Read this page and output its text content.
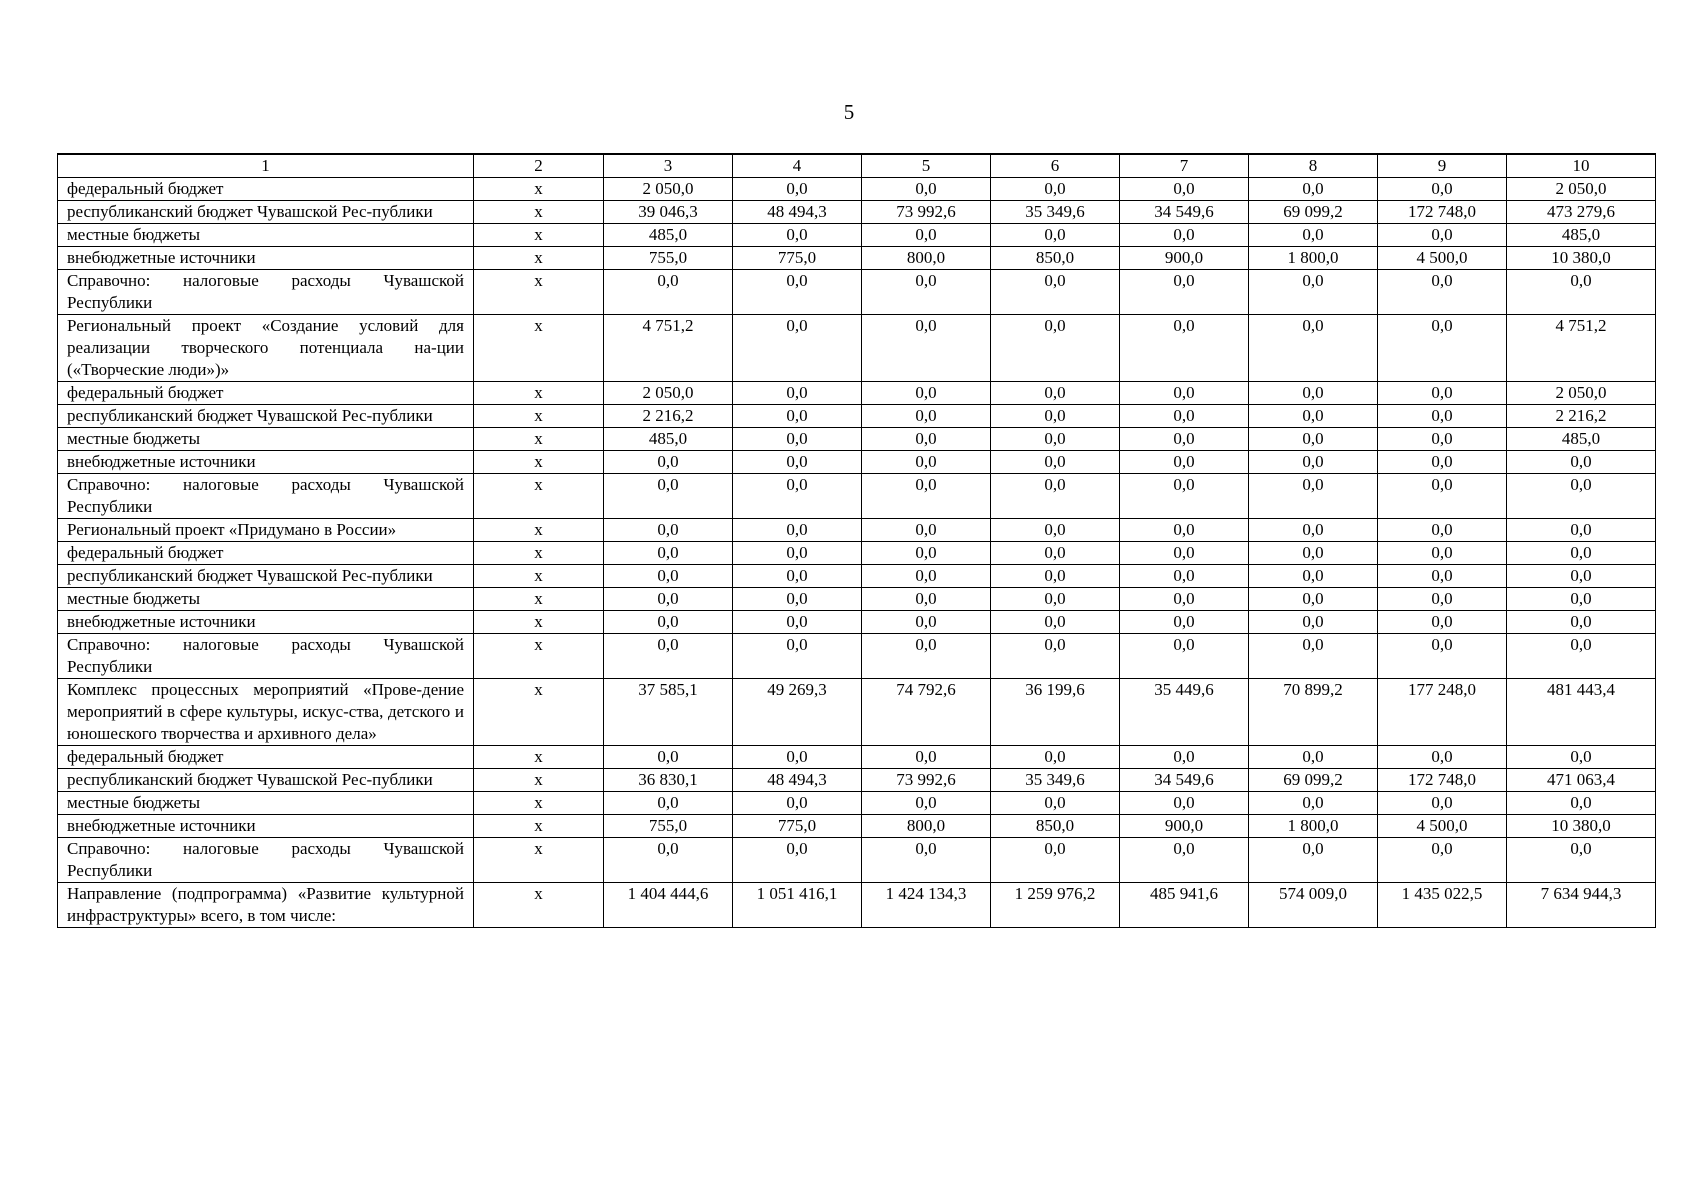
5
1	2	3	4	5	6	7	8	9	10
федеральный бюджет	х	2 050,0	0,0	0,0	0,0	0,0	0,0	0,0	2 050,0
республиканский бюджет Чувашской Рес-публики	х	39 046,3	48 494,3	73 992,6	35 349,6	34 549,6	69 099,2	172 748,0	473 279,6
местные бюджеты	х	485,0	0,0	0,0	0,0	0,0	0,0	0,0	485,0
внебюджетные источники	х	755,0	775,0	800,0	850,0	900,0	1 800,0	4 500,0	10 380,0
Справочно: налоговые расходы Чувашской Республики	х	0,0	0,0	0,0	0,0	0,0	0,0	0,0	0,0
Региональный проект «Создание условий для реализации творческого потенциала на-ции («Творческие люди»)»	х	4 751,2	0,0	0,0	0,0	0,0	0,0	0,0	4 751,2
федеральный бюджет	х	2 050,0	0,0	0,0	0,0	0,0	0,0	0,0	2 050,0
республиканский бюджет Чувашской Рес-публики	х	2 216,2	0,0	0,0	0,0	0,0	0,0	0,0	2 216,2
местные бюджеты	х	485,0	0,0	0,0	0,0	0,0	0,0	0,0	485,0
внебюджетные источники	х	0,0	0,0	0,0	0,0	0,0	0,0	0,0	0,0
Справочно: налоговые расходы Чувашской Республики	х	0,0	0,0	0,0	0,0	0,0	0,0	0,0	0,0
Региональный проект «Придумано в России»	х	0,0	0,0	0,0	0,0	0,0	0,0	0,0	0,0
федеральный бюджет	х	0,0	0,0	0,0	0,0	0,0	0,0	0,0	0,0
республиканский бюджет Чувашской Рес-публики	х	0,0	0,0	0,0	0,0	0,0	0,0	0,0	0,0
местные бюджеты	х	0,0	0,0	0,0	0,0	0,0	0,0	0,0	0,0
внебюджетные источники	х	0,0	0,0	0,0	0,0	0,0	0,0	0,0	0,0
Справочно: налоговые расходы Чувашской Республики	х	0,0	0,0	0,0	0,0	0,0	0,0	0,0	0,0
Комплекс процессных мероприятий «Прове-дение мероприятий в сфере культуры, искус-ства, детского и юношеского творчества и архивного дела»	х	37 585,1	49 269,3	74 792,6	36 199,6	35 449,6	70 899,2	177 248,0	481 443,4
федеральный бюджет	х	0,0	0,0	0,0	0,0	0,0	0,0	0,0	0,0
республиканский бюджет Чувашской Рес-публики	х	36 830,1	48 494,3	73 992,6	35 349,6	34 549,6	69 099,2	172 748,0	471 063,4
местные бюджеты	х	0,0	0,0	0,0	0,0	0,0	0,0	0,0	0,0
внебюджетные источники	х	755,0	775,0	800,0	850,0	900,0	1 800,0	4 500,0	10 380,0
Справочно: налоговые расходы Чувашской Республики	х	0,0	0,0	0,0	0,0	0,0	0,0	0,0	0,0
Направление (подпрограмма) «Развитие культурной инфраструктуры» всего, в том числе:	х	1 404 444,6	1 051 416,1	1 424 134,3	1 259 976,2	485 941,6	574 009,0	1 435 022,5	7 634 944,3
